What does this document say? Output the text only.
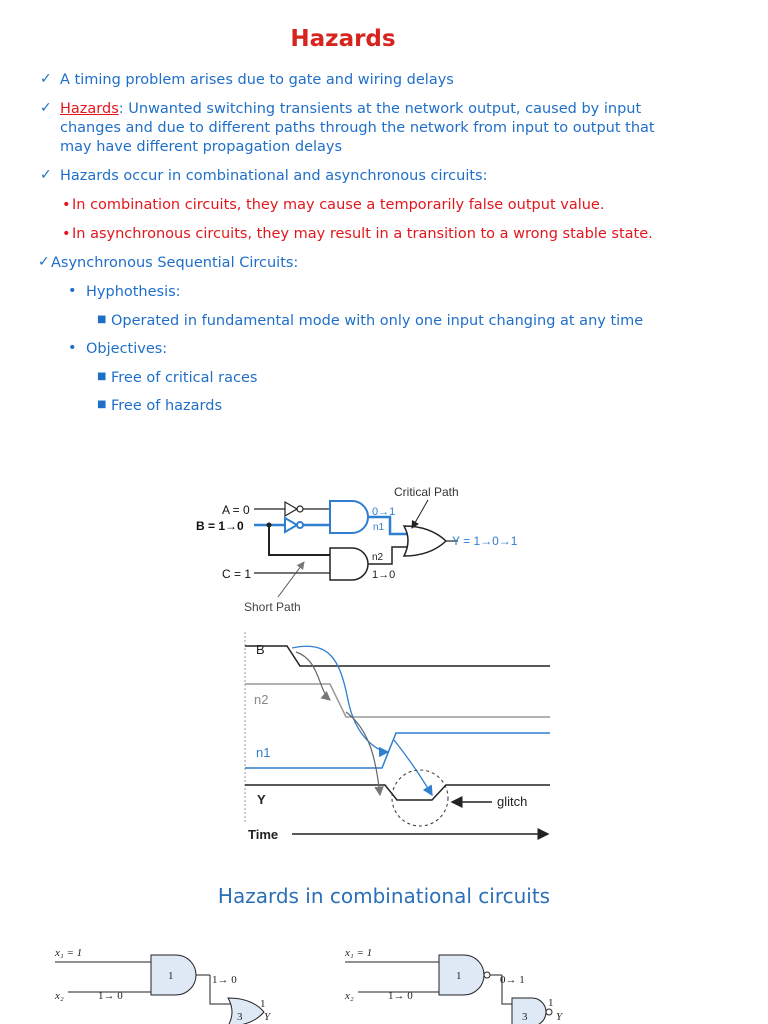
Hazards
✓ A timing problem arises due to gate and wiring delays
✓ Hazards: Unwanted switching transients at the network output, caused by input
changes and due to different paths through the network from input to output that
may have different propagation delays
✓ Hazards occur in combinational and asynchronous circuits:
• In combination circuits, they may cause a temporarily false output value.
• In asynchronous circuits, they may result in a transition to a wrong stable state.
✓ Asynchronous Sequential Circuits:
• Hyphothesis:
■ Operated in fundamental mode with only one input changing at any time
• Objectives:
■ Free of critical races
■ Free of hazards
A = 0
B = 1→0
C = 1
0→1
n1
n2
1→0
Y = 1→0→1
Critical Path
Short Path
B
n2
n1
Y	glitch
Time
x₁ = 1
x₂	1→ 0
1	1→ 0
3
1
Y
x₁ = 1
x₂	1→ 0
1	0→ 1
3
1
Y
Hazards in combinational circuits
